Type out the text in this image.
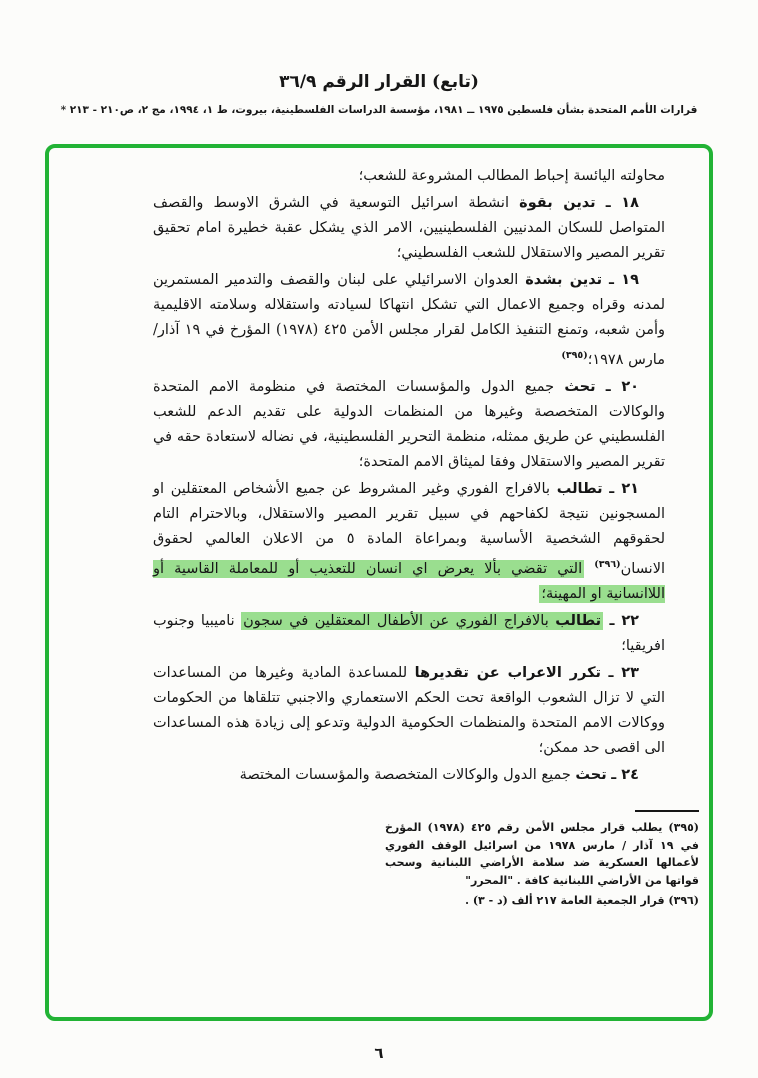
(تابع) القرار الرقم ٣٦/٩
قرارات الأمم المتحدة بشأن فلسطين ١٩٧٥ ــ ١٩٨١، مؤسسة الدراسات الفلسطينية، بيروت، ط ١، ١٩٩٤، مج ٢، ص٢١٠ - ٢١٣ *

محاولته اليائسة إحباط المطالب المشروعة للشعب؛

١٨ ـ تدين بقوة انشطة اسرائيل التوسعية في الشرق الاوسط والقصف المتواصل للسكان المدنيين الفلسطينيين، الامر الذي يشكل عقبة خطيرة امام تحقيق تقرير المصير والاستقلال للشعب الفلسطيني؛

١٩ ـ تدين بشدة العدوان الاسرائيلي على لبنان والقصف والتدمير المستمرين لمدنه وقراه وجميع الاعمال التي تشكل انتهاكا لسيادته واستقلاله وسلامته الاقليمية وأمن شعبه، وتمنع التنفيذ الكامل لقرار مجلس الأمن ٤٢٥ (١٩٧٨) المؤرخ في ١٩ آذار/مارس ١٩٧٨؛$^{(٣٩٥)}$

٢٠ ـ تحث جميع الدول والمؤسسات المختصة في منظومة الامم المتحدة والوكالات المتخصصة وغيرها من المنظمات الدولية على تقديم الدعم للشعب الفلسطيني عن طريق ممثله، منظمة التحرير الفلسطينية، في نضاله لاستعادة حقه في تقرير المصير والاستقلال وفقا لميثاق الامم المتحدة؛

٢١ ـ تطالب بالافراج الفوري وغير المشروط عن جميع الأشخاص المعتقلين او المسجونين نتيجة لكفاحهم في سبيل تقرير المصير والاستقلال، وبالاحترام التام لحقوقهم الشخصية الأساسية وبمراعاة المادة ٥ من الاعلان العالمي لحقوق الانسان$^{(٣٩٦)}$ التي تقضي بألا يعرض اي انسان للتعذيب أو للمعاملة القاسية أو اللاانسانية او المهينة؛

٢٢ ـ تطالب بالافراج الفوري عن الأطفال المعتقلين في سجون ناميبيا وجنوب افريقيا؛

٢٣ ـ تكرر الاعراب عن تقديرها للمساعدة المادية وغيرها من المساعدات التي لا تزال الشعوب الواقعة تحت الحكم الاستعماري والاجنبي تتلقاها من الحكومات ووكالات الامم المتحدة والمنظمات الحكومية الدولية وتدعو إلى زيادة هذه المساعدات الى اقصى حد ممكن؛

٢٤ ـ تحث جميع الدول والوكالات المتخصصة والمؤسسات المختصة

(٣٩٥) يطلب قرار مجلس الأمن رقم ٤٢٥ (١٩٧٨) المؤرخ في ١٩ آذار / مارس ١٩٧٨ من اسرائيل الوقف الفوري لأعمالها العسكرية ضد سلامة الأراضي اللبنانية وسحب قواتها من الأراضي اللبنانية كافة . "المحرر"

(٣٩٦) قرار الجمعية العامة ٢١٧ ألف (د - ٣) .

٦
